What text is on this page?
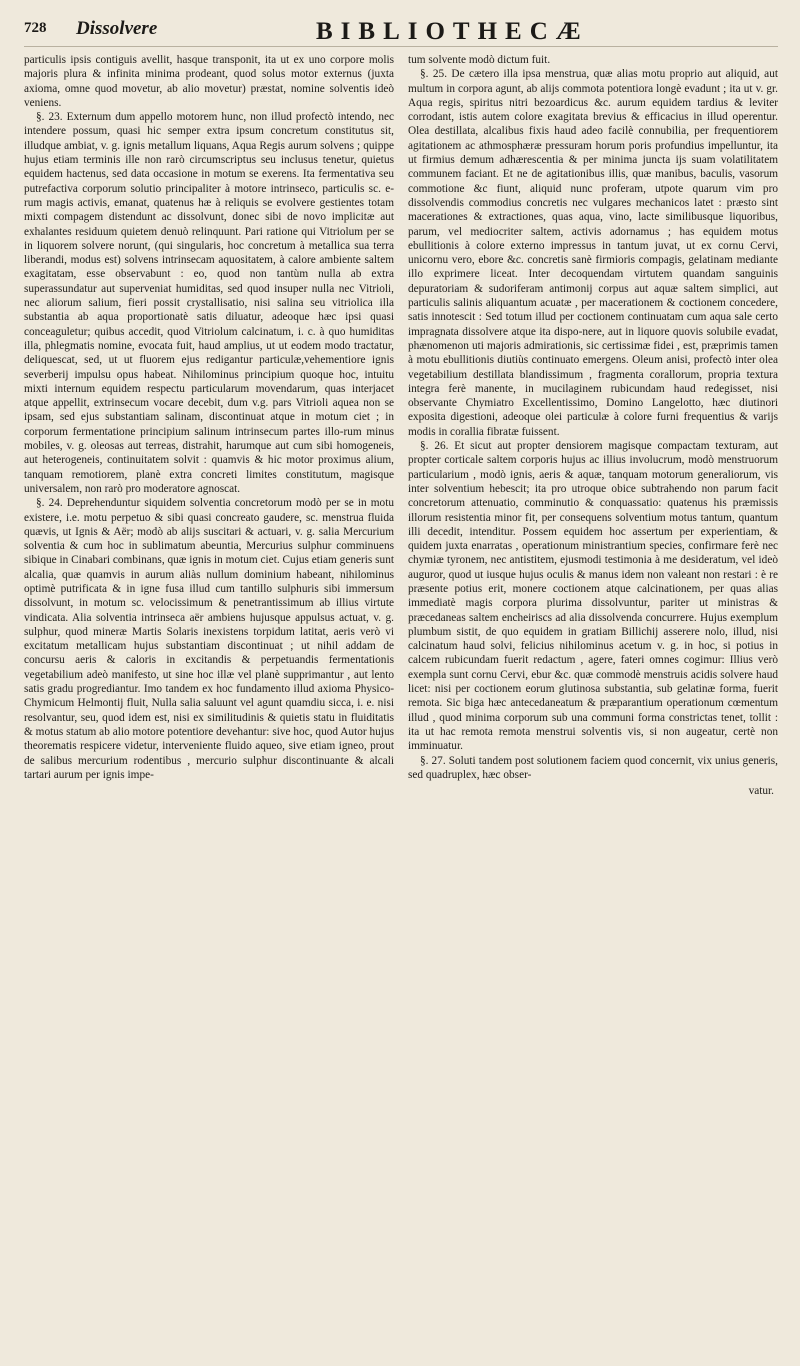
728 Dissolvere	BIBLIOTHECÆ

particulis ipsis contiguis avellit, hasque transponit, ita ut ex uno corpore molis majoris plura & infinita minima prodeant, quod solus motor externus (juxta axioma, omne quod movetur, ab alio movetur) præstat, nomine solventis ideò veniens.

§. 23. Externum dum appello motorem hunc, non illud profectò intendo, nec intendere possum, quasi hic semper extra ipsum concretum constitutus sit, illudque ambiat, v. g. ignis metallum liquans, Aqua Regis aurum solvens ; quippe hujus etiam terminis ille non rarò circumscriptus seu inclusus tenetur, quietus equidem hactenus, sed data occasione in motum se exerens. Ita fermentativa seu putrefactiva corporum solutio principaliter à motore intrinseco, particulis sc. e-rum magis activis, emanat, quatenus hæ à reliquis se evolvere gestientes totam mixti compagem distendunt ac dissolvunt, donec sibi de novo implicitæ aut exhalantes residuum quietem denuò relinquunt. Pari ratione qui Vitriolum per se in liquorem solvere norunt, (qui singularis, hoc concretum à metallica sua terra liberandi, modus est) solvens intrinsecam aquositatem, à calore ambiente saltem exagitatam, esse observabunt : eo, quod non tantùm nulla ab extra superassundatur aut superveniat humiditas, sed quod insuper nulla nec Vitrioli, nec aliorum salium, fieri possit crystallisatio, nisi salina seu vitriolica illa substantia ab aqua proportionatè satis diluatur, adeoque hæc ipsi quasi conceaguletur; quibus accedit, quod Vitriolum calcinatum, i. c. à quo humiditas illa, phlegmatis nomine, evocata fuit, haud amplius, ut ut eodem modo tractatur, deliquescat, sed, ut ut fluorem ejus redigantur particulæ,vehementiore ignis severberij impulsu opus habeat. Nihilominus principium quoque hoc, intuitu mixti internum equidem respectu particularum movendarum, quas interjacet atque appellit, extrinsecum vocare decebit, dum v.g. pars Vitrioli aquea non se ipsam, sed ejus substantiam salinam, discontinuat atque in motum ciet ; in corporum fermentatione principium salinum intrinsecum partes illo-rum minus mobiles, v. g. oleosas aut terreas, distrahit, harumque aut cum sibi homogeneis, aut heterogeneis, continuitatem solvit : quamvis & hic motor proximus alium, tanquam remotiorem, planè extra concreti limites constitutum, magisque universalem, non rarò pro moderatore agnoscat.

§. 24. Deprehenduntur siquidem solventia concretorum modò per se in motu existere, i.e. motu perpetuo & sibi quasi concreato gaudere, sc. menstrua fluida quævis, ut Ignis & Aër; modò ab alijs suscitari & actuari, v. g. salia Mercurium solventia & cum hoc in sublimatum abeuntia, Mercurius sulphur comminuens sibique in Cinabari combinans, quæ ignis in motum ciet. Cujus etiam generis sunt alcalia, quæ quamvis in aurum aliàs nullum dominium habeant, nihilominus optimè putrificata & in igne fusa illud cum tantillo sulphuris sibi immersum dissolvunt, in motum sc. velocissimum & penetrantissimum ab illius virtute vindicata. Alia solventia intrinseca aër ambiens hujusque appulsus actuat, v. g. sulphur, quod mineræ Martis Solaris inexistens torpidum latitat, aeris verò vi excitatum metallicam hujus substantiam discontinuat ; ut nihil addam de concursu aeris & caloris in excitandis & perpetuandis fermentationis vegetabilium adeò manifesto, ut sine hoc illæ vel planè supprimantur , aut lento satis gradu progrediantur. Imo tandem ex hoc fundamento illud axioma Physico-Chymicum Helmontij fluit, Nulla salia saluunt vel agunt quamdiu sicca, i. e. nisi resolvantur, seu, quod idem est, nisi ex similitudinis & quietis statu in fluiditatis & motus statum ab alio motore potentiore devehantur: sive hoc, quod Autor hujus theorematis respicere videtur, interveniente fluido aqueo, sive etiam igneo, prout de salibus mercurium rodentibus , mercurio sulphur discontinuante & alcali tartari aurum per ignis impe-

tum solvente modò dictum fuit.

§. 25. De cætero illa ipsa menstrua, quæ alias motu proprio aut aliquid, aut multum in corpora agunt, ab alijs commota potentiora longè evadunt ; ita ut v. gr. Aqua regis, spiritus nitri bezoardicus &c. aurum equidem tardius & leviter corrodant, istis autem colore exagitata brevius & efficacius in illud operentur. Olea destillata, alcalibus fixis haud adeo facilè connubilia, per frequentiorem agitationem ac athmosphæræ pressuram horum poris profundius impelluntur, ita ut firmius demum adhærescentia & per minima juncta ijs suam volatilitatem communem faciant. Et ne de agitationibus illis, quæ manibus, baculis, vasorum commotione &c fiunt, aliquid nunc proferam, utpote quarum vim pro dissolvendis commodius concretis nec vulgares mechanicos latet : præsto sint macerationes & extractiones, quas aqua, vino, lacte similibusque liquoribus, parum, vel mediocriter saltem, activis adornamus ; has equidem motus ebullitionis à colore externo impressus in tantum juvat, ut ex cornu Cervi, unicornu vero, ebore &c. concretis sanè firmioris compagis, gelatinam mediante illo exprimere liceat. Inter decoquendam virtutem quandam sanguinis depuratoriam & sudoriferam antimonij corpus aut aquæ saltem simplici, aut particulis salinis aliquantum acuatæ , per macerationem & coctionem concedere, satis innotescit : Sed totum illud per coctionem continuatam cum aqua sale certo impragnata dissolvere atque ita dispo-nere, aut in liquore quovis solubile evadat, phænomenon uti majoris admirationis, sic certissimæ fidei , est, præprimis tamen à motu ebullitionis diutiùs continuato emergens. Oleum anisi, profectò inter olea vegetabilium destillata blandissimum , fragmenta corallorum, propria textura integra ferè manente, in mucilaginem rubicundam haud redegisset, nisi observante Chymiatro Excellentissimo, Domino Langelotto, hæc diutinori exposita digestioni, adeoque olei particulæ à colore furni frequentius & varijs modis in corallia fibratæ fuissent.

§. 26. Et sicut aut propter densiorem magisque compactam texturam, aut propter corticale saltem corporis hujus ac illius involucrum, modò menstruorum particularium , modò ignis, aeris & aquæ, tanquam motorum generaliorum, vis inter solventium hebescit; ita pro utroque obice subtrahendo non parum facit concretorum attenuatio, comminutio & conquassatio: quatenus his præmissis illorum resistentia minor fit, per consequens solventium motus tantum, quantum illi decedit, intenditur. Possem equidem hoc assertum per experientiam, & quidem juxta enarratas , operationum ministrantium species, confirmare ferè nec chymiæ tyronem, nec antistitem, ejusmodi testimonia à me desideratum, vel ideò auguror, quod ut iusque hujus oculis & manus idem non valeant non restari : è re præsente potius erit, monere coctionem atque calcinationem, per quas alias immediatè magis corpora plurima dissolvuntur, pariter ut ministras & præcedaneas saltem encheiriscs ad alia dissolvenda concurrere. Hujus exemplum plumbum sistit, de quo equidem in gratiam Billichij asserere nolo, illud, nisi calcinatum haud solvi, felicius nihilominus acetum v. g. in hoc, si potius in calcem rubicundam fuerit redactum , agere, fateri omnes cogimur: Illius verò exempla sunt cornu Cervi, ebur &c. quæ commodè menstruis acidis solvere haud licet: nisi per coctionem eorum glutinosa substantia, sub gelatinæ forma, fuerit remota. Sic biga hæc antecedaneatum & præparantium operationum cœmentum illud , quod minima corporum sub una communi forma constrictas tenet, tollit : ita ut hac remota remota menstrui solventis vis, si non augeatur, certè non imminuatur.

§. 27. Soluti tandem post solutionem faciem quod concernit, vix unius generis, sed quadruplex, hæc obser-

vatur.
